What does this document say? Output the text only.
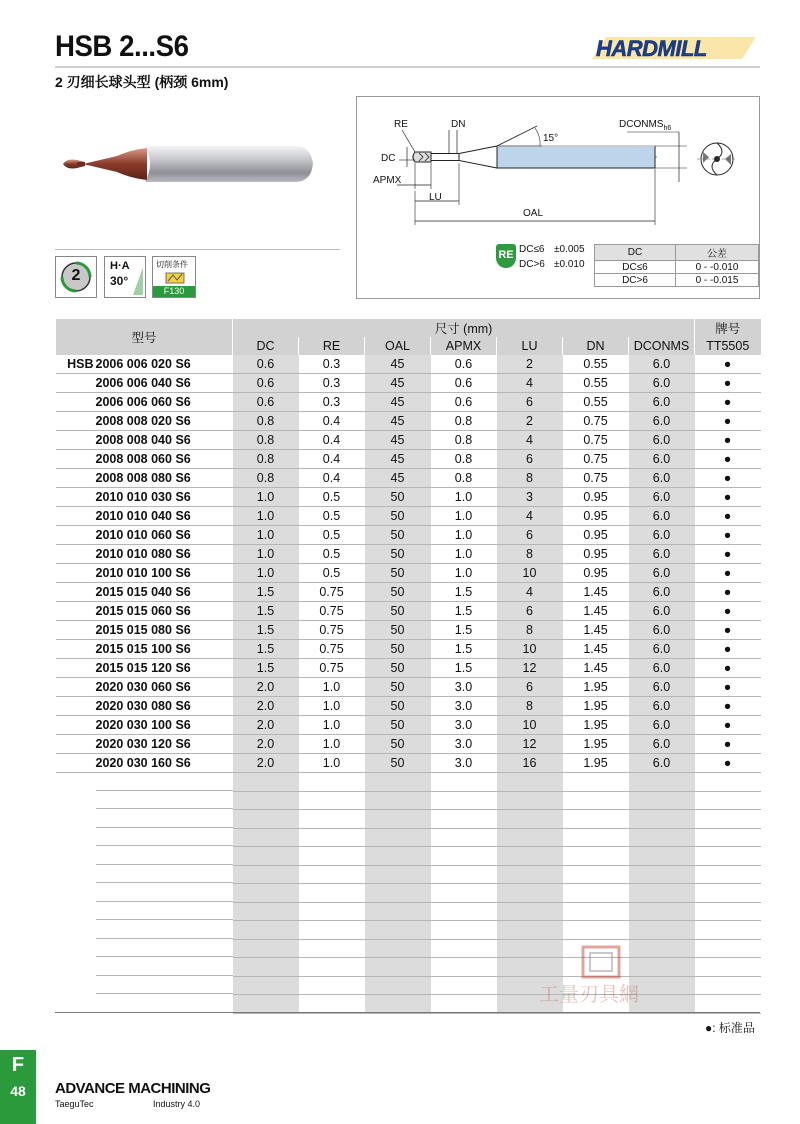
HSB 2...S6
2 刃细长球头型 (柄颈 6mm)
HARDMILL
2
H·A
30°
切削条件
F130
RE	DN
15°
$DCONMS_{h6}$
DC
APMX
LU
OAL
RE DC≤6 ±0.005
DC>6 ±0.010
DC	公差
DC≤6	0 - -0.010
DC>6	0 - -0.015
型号	尺寸 (mm)							牌号
	DC	RE	OAL	APMX	LU	DN	DCONMS	TT5505
HSB 2006 006 020 S6	0.6	0.3	45	0.6	2	0.55	6.0	●
2006 006 040 S6	0.6	0.3	45	0.6	4	0.55	6.0	●
2006 006 060 S6	0.6	0.3	45	0.6	6	0.55	6.0	●
2008 008 020 S6	0.8	0.4	45	0.8	2	0.75	6.0	●
2008 008 040 S6	0.8	0.4	45	0.8	4	0.75	6.0	●
2008 008 060 S6	0.8	0.4	45	0.8	6	0.75	6.0	●
2008 008 080 S6	0.8	0.4	45	0.8	8	0.75	6.0	●
2010 010 030 S6	1.0	0.5	50	1.0	3	0.95	6.0	●
2010 010 040 S6	1.0	0.5	50	1.0	4	0.95	6.0	●
2010 010 060 S6	1.0	0.5	50	1.0	6	0.95	6.0	●
2010 010 080 S6	1.0	0.5	50	1.0	8	0.95	6.0	●
2010 010 100 S6	1.0	0.5	50	1.0	10	0.95	6.0	●
2015 015 040 S6	1.5	0.75	50	1.5	4	1.45	6.0	●
2015 015 060 S6	1.5	0.75	50	1.5	6	1.45	6.0	●
2015 015 080 S6	1.5	0.75	50	1.5	8	1.45	6.0	●
2015 015 100 S6	1.5	0.75	50	1.5	10	1.45	6.0	●
2015 015 120 S6	1.5	0.75	50	1.5	12	1.45	6.0	●
2020 030 060 S6	2.0	1.0	50	3.0	6	1.95	6.0	●
2020 030 080 S6	2.0	1.0	50	3.0	8	1.95	6.0	●
2020 030 100 S6	2.0	1.0	50	3.0	10	1.95	6.0	●
2020 030 120 S6	2.0	1.0	50	3.0	12	1.95	6.0	●
2020 030 160 S6	2.0	1.0	50	3.0	16	1.95	6.0	●

●: 标准品
工量刃具網
F
48	ADVANCE MACHINING
TaeguTec	Industry 4.0
